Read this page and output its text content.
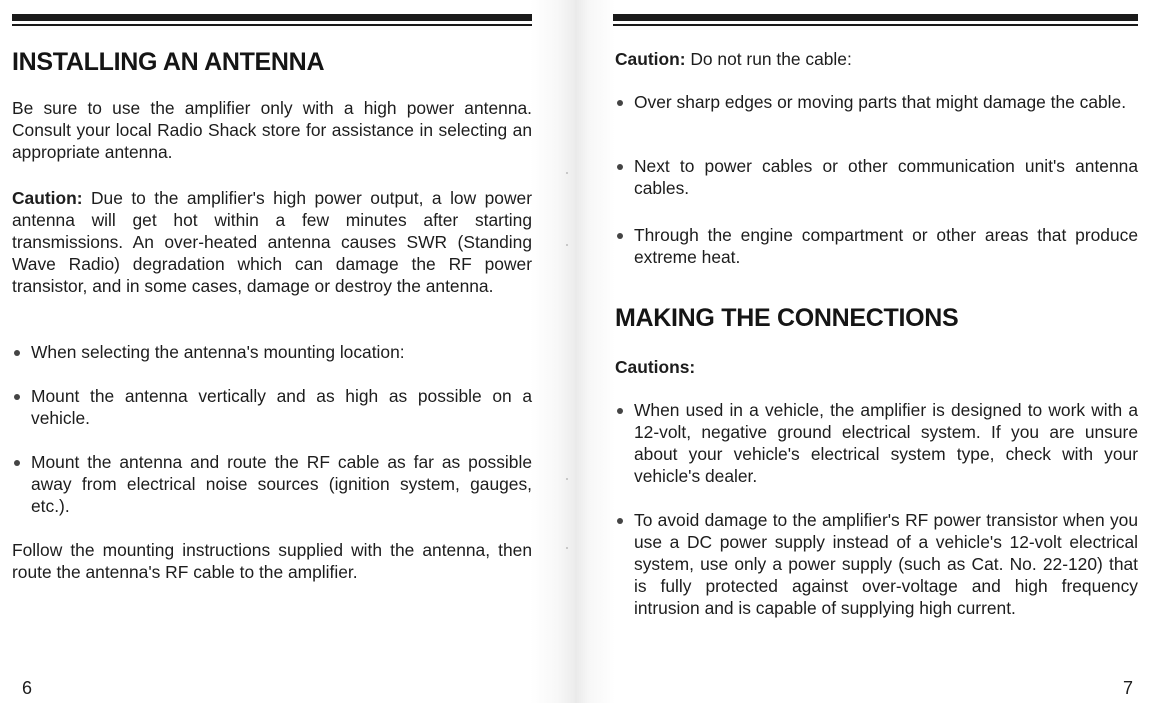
INSTALLING AN ANTENNA

Be sure to use the amplifier only with a high power antenna. Consult your local Radio Shack store for assistance in selecting an appropriate antenna.

Caution: Due to the amplifier's high power output, a low power antenna will get hot within a few minutes after starting transmissions. An over-heated antenna causes SWR (Standing Wave Radio) degradation which can damage the RF power transistor, and in some cases, damage or destroy the antenna.

When selecting the antenna's mounting location:
Mount the antenna vertically and as high as possible on a vehicle.
Mount the antenna and route the RF cable as far as possible away from electrical noise sources (ignition system, gauges, etc.).

Follow the mounting instructions supplied with the antenna, then route the antenna's RF cable to the amplifier.

6

Caution: Do not run the cable:

Over sharp edges or moving parts that might damage the cable.
Next to power cables or other communication unit's antenna cables.
Through the engine compartment or other areas that produce extreme heat.
MAKING THE CONNECTIONS

Cautions:

When used in a vehicle, the amplifier is designed to work with a 12-volt, negative ground electrical system. If you are unsure about your vehicle's electrical system type, check with your vehicle's dealer.
To avoid damage to the amplifier's RF power transistor when you use a DC power supply instead of a vehicle's 12-volt electrical system, use only a power supply (such as Cat. No. 22-120) that is fully protected against over-voltage and high frequency intrusion and is capable of supplying high current.

7
